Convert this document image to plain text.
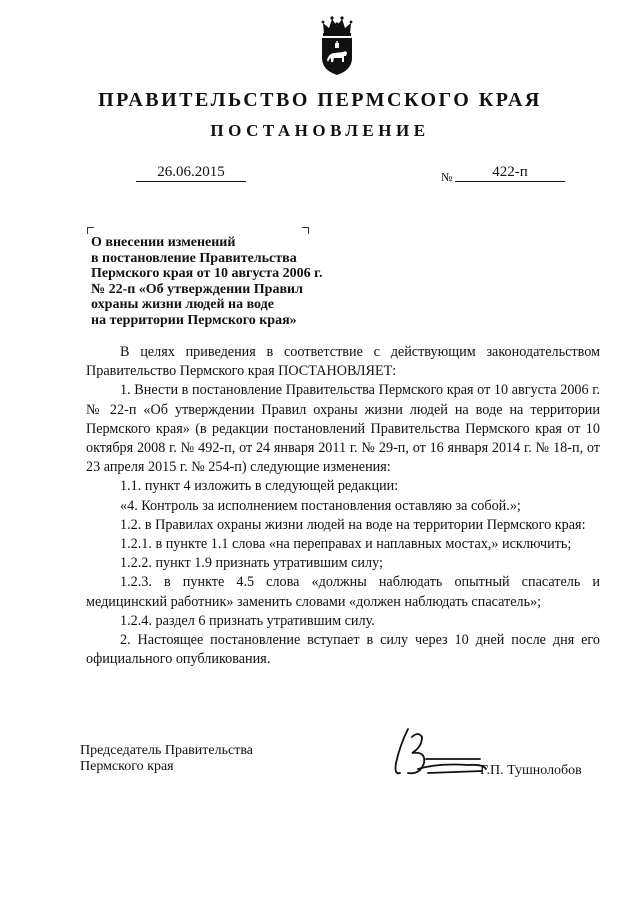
ПРАВИТЕЛЬСТВО ПЕРМСКОГО КРАЯ
ПОСТАНОВЛЕНИЕ
26.06.2015	№	422-п
О внесении изменений
в постановление Правительства
Пермского края от 10 августа 2006 г.
№ 22-п «Об утверждении Правил
охраны жизни людей на воде
на территории Пермского края»

В целях приведения в соответствие с действующим законодательством Правительство Пермского края ПОСТАНОВЛЯЕТ:

1. Внести в постановление Правительства Пермского края от 10 августа 2006 г. № 22-п «Об утверждении Правил охраны жизни людей на воде на территории Пермского края» (в редакции постановлений Правительства Пермского края от 10 октября 2008 г. № 492-п, от 24 января 2011 г. № 29-п, от 16 января 2014 г. № 18-п, от 23 апреля 2015 г. № 254-п) следующие изменения:

1.1. пункт 4 изложить в следующей редакции:

«4. Контроль за исполнением постановления оставляю за собой.»;

1.2. в Правилах охраны жизни людей на воде на территории Пермского края:

1.2.1. в пункте 1.1 слова «на переправах и наплавных мостах,» исключить;

1.2.2. пункт 1.9 признать утратившим силу;

1.2.3. в пункте 4.5 слова «должны наблюдать опытный спасатель и медицинский работник» заменить словами «должен наблюдать спасатель»;

1.2.4. раздел 6 признать утратившим силу.

2. Настоящее постановление вступает в силу через 10 дней после дня его официального опубликования.

Председатель Правительства
Пермского края	Г.П. Тушнолобов
